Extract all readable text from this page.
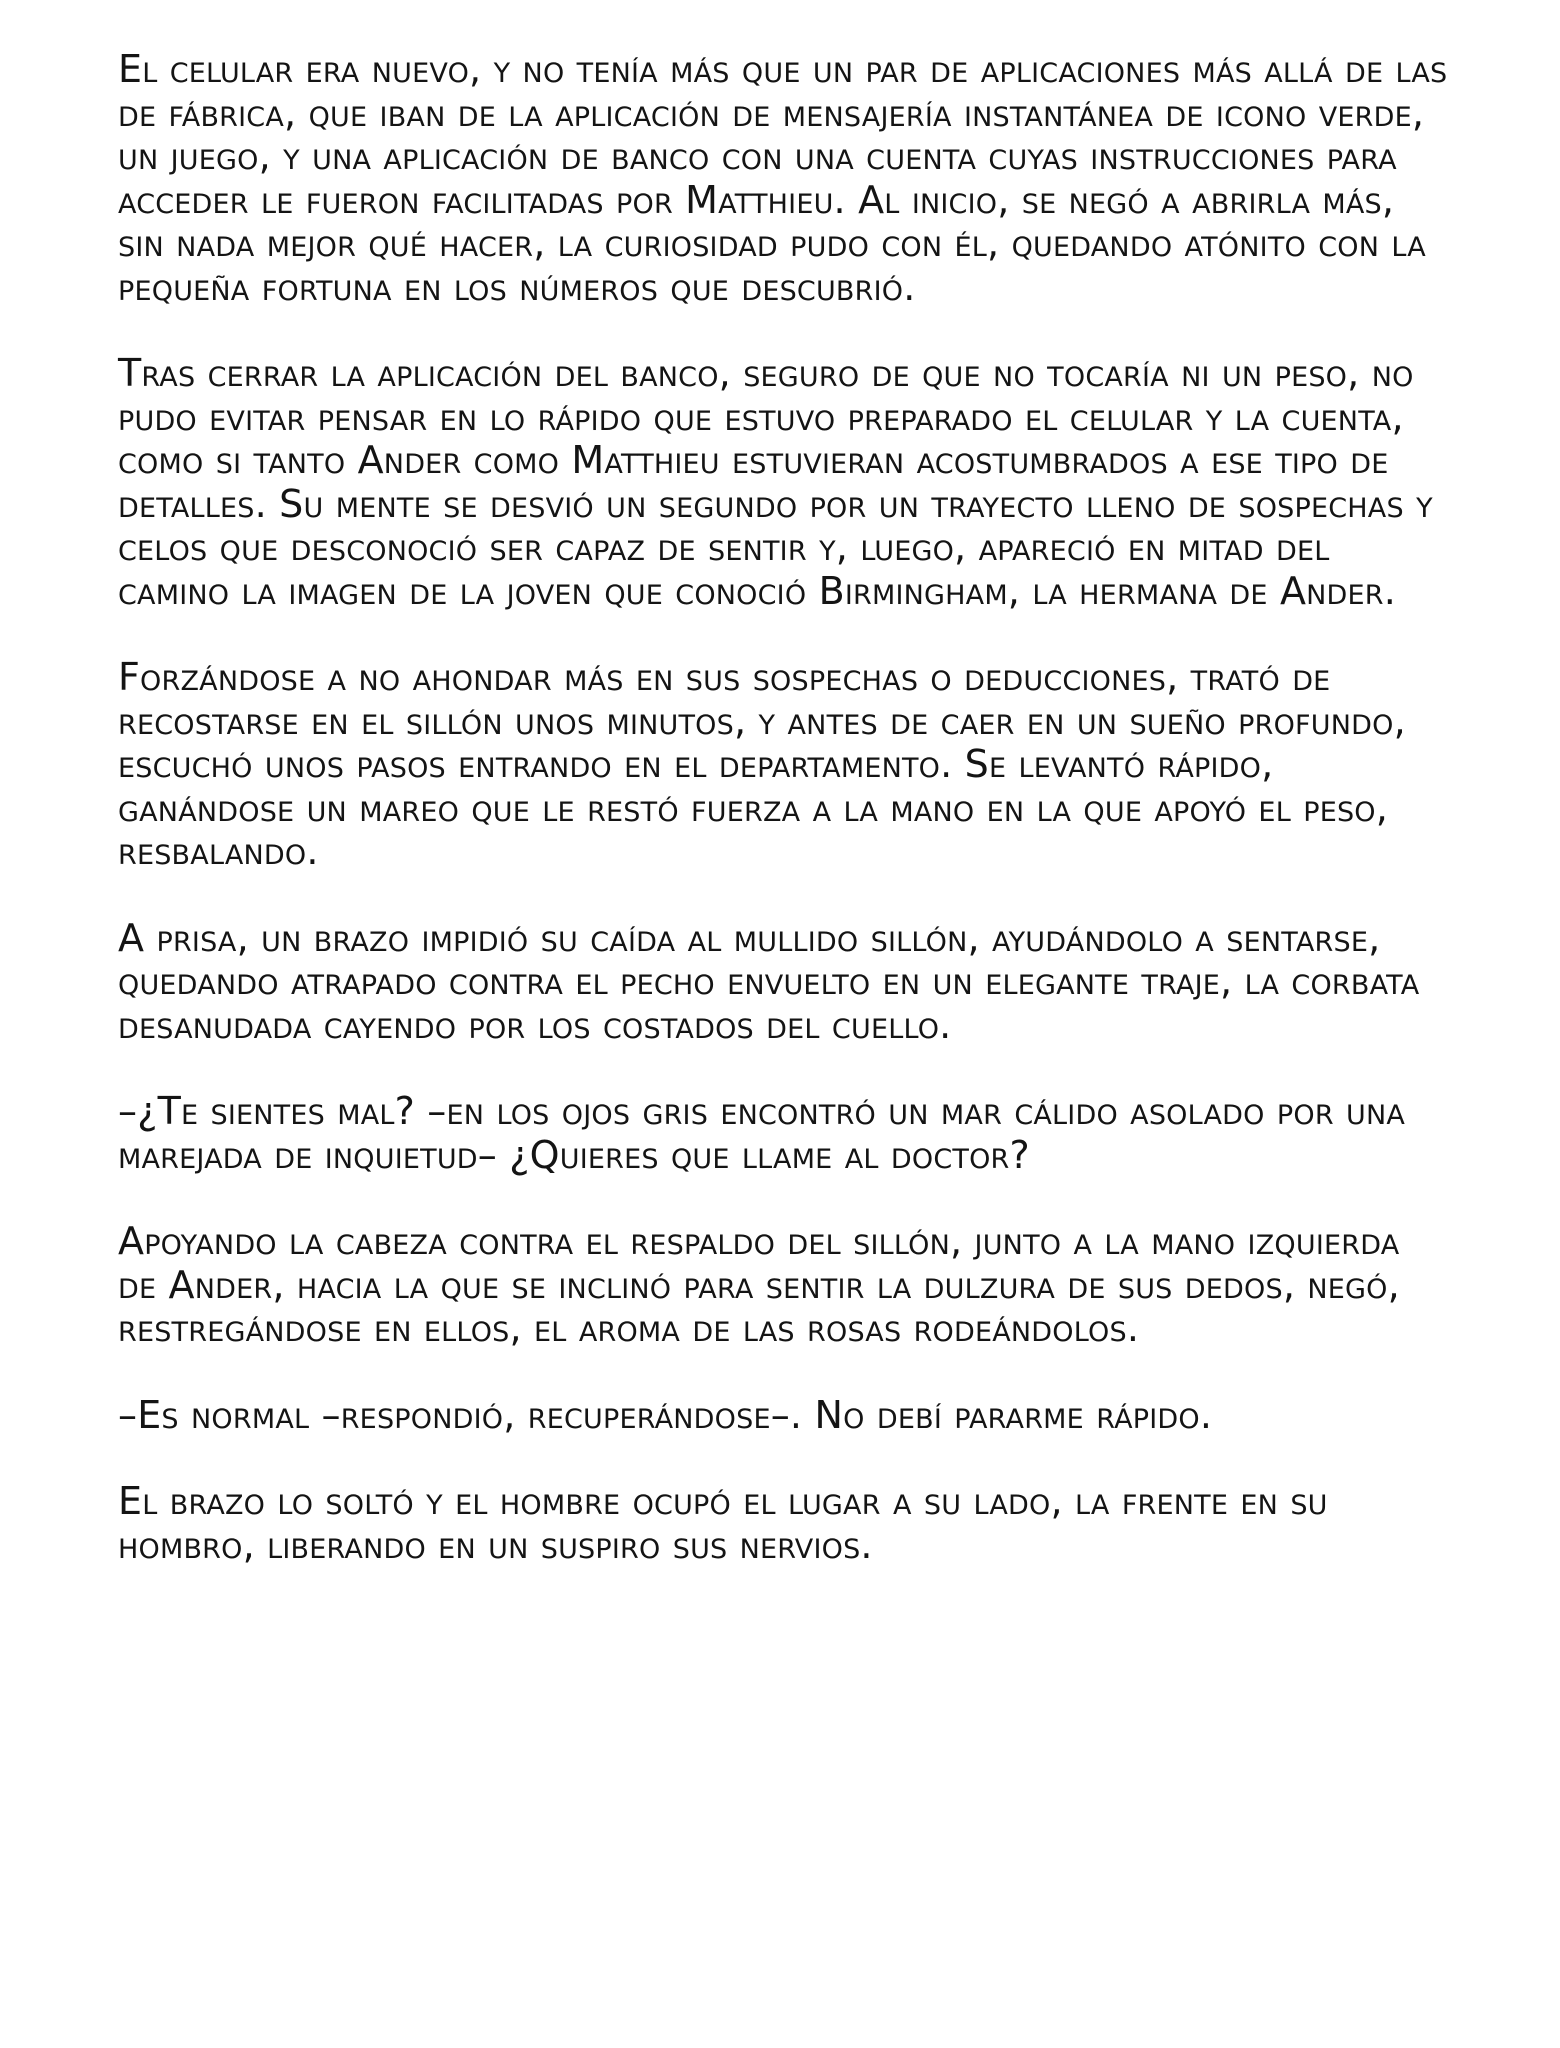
El celular era nuevo, y no tenía más que un par de aplicaciones más allá de las de fábrica, que iban de la aplicación de mensajería instantánea de icono verde, un juego, y una aplicación de banco con una cuenta cuyas instrucciones para acceder le fueron facilitadas por Matthieu. Al inicio, se negó a abrirla más, sin nada mejor qué hacer, la curiosidad pudo con él, quedando atónito con la pequeña fortuna en los números que descubrió.

Tras cerrar la aplicación del banco, seguro de que no tocaría ni un peso, no pudo evitar pensar en lo rápido que estuvo preparado el celular y la cuenta, como si tanto Ander como Matthieu estuvieran acostumbrados a ese tipo de detalles. Su mente se desvió un segundo por un trayecto lleno de sospechas y celos que desconoció ser capaz de sentir y, luego, apareció en mitad del camino la imagen de la joven que conoció Birmingham, la hermana de Ander.

Forzándose a no ahondar más en sus sospechas o deducciones, trató de recostarse en el sillón unos minutos, y antes de caer en un sueño profundo, escuchó unos pasos entrando en el departamento. Se levantó rápido, ganándose un mareo que le restó fuerza a la mano en la que apoyó el peso, resbalando.

A prisa, un brazo impidió su caída al mullido sillón, ayudándolo a sentarse, quedando atrapado contra el pecho envuelto en un elegante traje, la corbata desanudada cayendo por los costados del cuello.

–¿Te sientes mal? –en los ojos gris encontró un mar cálido asolado por una marejada de inquietud– ¿Quieres que llame al doctor?

Apoyando la cabeza contra el respaldo del sillón, junto a la mano izquierda de Ander, hacia la que se inclinó para sentir la dulzura de sus dedos, negó, restregándose en ellos, el aroma de las rosas rodeándolos.

–Es normal –respondió, recuperándose–. No debí pararme rápido.

El brazo lo soltó y el hombre ocupó el lugar a su lado, la frente en su hombro, liberando en un suspiro sus nervios.
